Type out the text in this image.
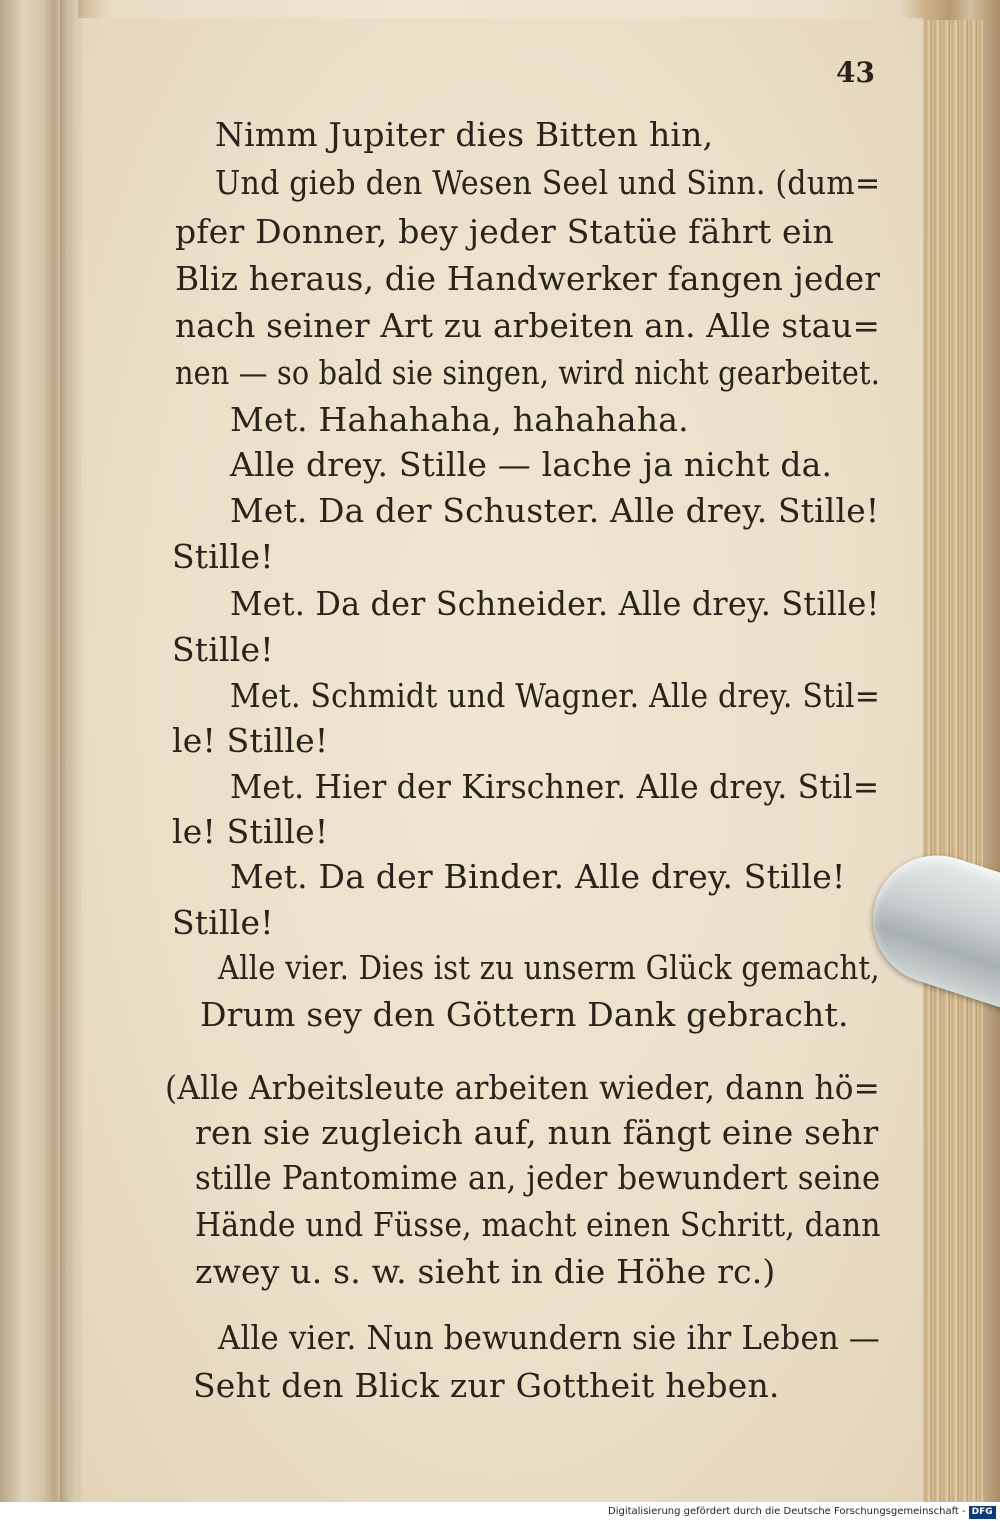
43
Nimm Jupiter dies Bitten hin,
Und gieb den Wesen Seel und Sinn. (dum=
pfer Donner, bey jeder Statüe fährt ein
Bliz heraus, die Handwerker fangen jeder
nach seiner Art zu arbeiten an. Alle stau=
nen — so bald sie singen, wird nicht gearbeitet.
Met. Hahahaha, hahahaha.
Alle drey. Stille — lache ja nicht da.
Met. Da der Schuster. Alle drey. Stille!
Stille!
Met. Da der Schneider. Alle drey. Stille!
Stille!
Met. Schmidt und Wagner. Alle drey. Stil=
le! Stille!
Met. Hier der Kirschner. Alle drey. Stil=
le! Stille!
Met. Da der Binder. Alle drey. Stille!
Stille!
Alle vier. Dies ist zu unserm Glück gemacht,
Drum sey den Göttern Dank gebracht.
(Alle Arbeitsleute arbeiten wieder, dann hö=
ren sie zugleich auf, nun fängt eine sehr
stille Pantomime an, jeder bewundert seine
Hände und Füsse, macht einen Schritt, dann
zwey u. s. w. sieht in die Höhe rc.)
Alle vier. Nun bewundern sie ihr Leben —
Seht den Blick zur Gottheit heben.
Digitalisierung gefördert durch die Deutsche Forschungsgemeinschaft - DFG
